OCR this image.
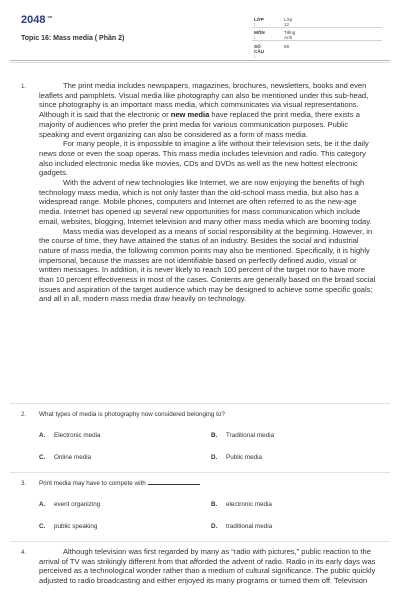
$2048^{.vn}$
Topic 16: Mass media ( Phần 2)
LỚP :
Lớp 12
MÔN :
Tiếng Anh
SỐ CÂU :
69
1.	The print media includes newspapers, magazines, brochures, newsletters, books and even leaflets and pamphlets. Visual media like photography can also be mentioned under this sub-head, since photography is an important mass media, which communicates via visual representations. Although it is said that the electronic or new media have replaced the print media, there exists a majority of audiences who prefer the print media for various communication purposes. Public speaking and event organizing can also be considered as a form of mass media.

For many people, it is impossible to imagine a life without their television sets, be it the daily news dose or even the soap operas. This mass media includes television and radio. This category also included electronic media like movies, CDs and DVDs as well as the new hottest electronic gadgets.

With the advent of new technologies like Internet, we are now enjoying the benefits of high technology mass media, which is not only faster than the old-school mass media, but also has a widespread range. Mobile phones, computers and Internet are often referred to as the new-age media. Internet has opened up several new opportunities for mass communication which include email, websites, blogging, Internet television and many other mass media which are booming today.

Mass media was developed as a means of social responsibility at the beginning. However, in the course of time, they have attained the status of an industry. Besides the social and industrial nature of mass media, the following common points may also be mentioned. Specifically, it is highly impersonal, because the masses are not identifiable based on perfectly defined audio, visual or written messages. In addition, it is never likely to reach 100 percent of the target nor to have more than 10 percent effectiveness in most of the cases. Contents are generally based on the broad social issues and aspiration of the target audience which may be designed to achieve some specific goals; and all in all, modern mass media draw heavily on technology.

2. What types of media is photography now considered belonging to?
A. Electronic media	B. Traditional media
C. Online media	D. Public media
3. Print media may have to compete with
A. event organizing	B. electronic media
C. public speaking	D. traditional media
4.	Although television was first regarded by many as “radio with pictures,” public reaction to the arrival of TV was strikingly different from that afforded the advent of radio. Radio in its early days was perceived as a technological wonder rather than a medium of cultural significance. The public quickly adjusted to radio broadcasting and either enjoyed its many programs or turned them off. Television
